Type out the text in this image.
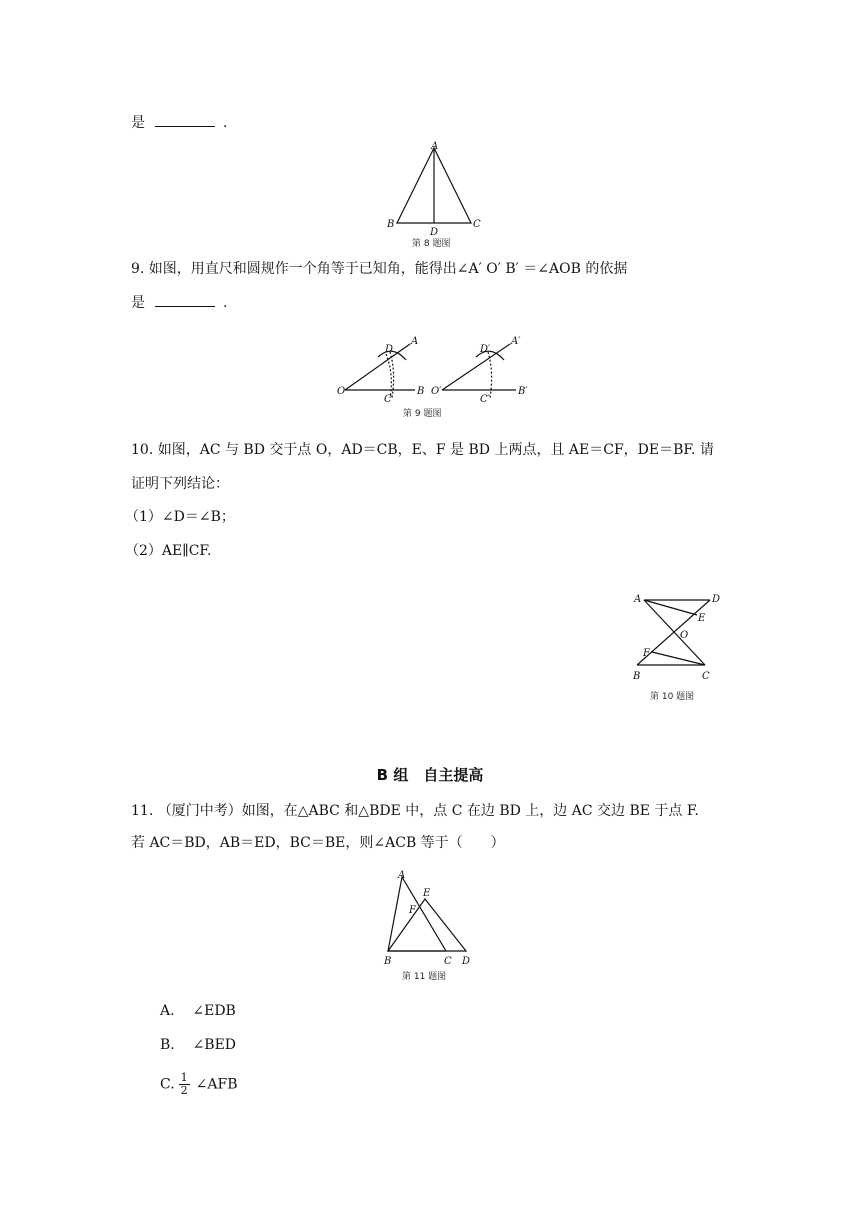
是	.
A
B	C
D
第 8 题图
9. 如图，用直尺和圆规作一个角等于已知角，能得出∠A′ O′ B′ ＝∠AOB 的依据
是	.
O
A
B
C
D
O′
A′
B′
C′
D′
第 9 题图
10. 如图，AC 与 BD 交于点 O，AD＝CB，E、F 是 BD 上两点，且 AE＝CF，DE＝BF. 请
证明下列结论：
（1）∠D＝∠B；
（2）AE∥CF.
A	D
E
O
F
B	C
第 10 题图
B 组　自主提高
11. （厦门中考）如图，在△ABC 和△BDE 中，点 C 在边 BD 上，边 AC 交边 BE 于点 F.
若 AC＝BD，AB＝ED，BC＝BE，则∠ACB 等于（　　）
A
E
F
B	C D
第 11 题图
A. ∠EDB
B. ∠BED
C. $\frac{1}{2}$ ∠AFB
